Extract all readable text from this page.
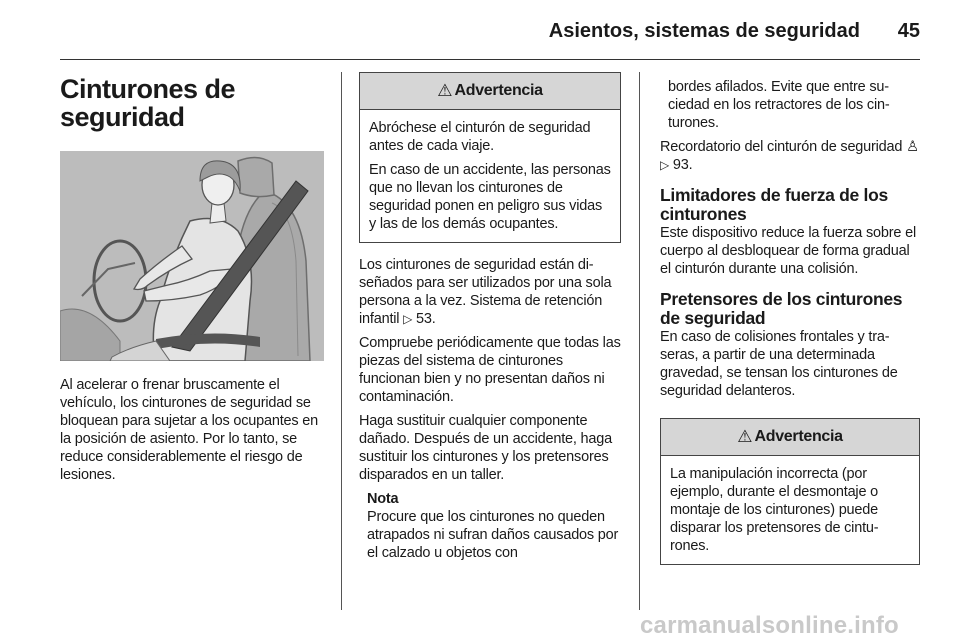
Asientos, sistemas de seguridad 45
Cinturones de seguridad

Al acelerar o frenar bruscamente el vehículo, los cinturones de seguridad se bloquean para sujetar a los ocupantes en la posición de asiento. Por lo tanto, se reduce considerablemente el riesgo de lesiones.

⚠ Advertencia

Abróchese el cinturón de seguridad antes de cada viaje.

En caso de un accidente, las personas que no llevan los cinturones de seguridad ponen en peligro sus vidas y las de los demás ocupantes.

Los cinturones de seguridad están diseñados para ser utilizados por una sola persona a la vez. Sistema de retención infantil ▷ 53.

Compruebe periódicamente que todas las piezas del sistema de cinturones funcionan bien y no presentan daños ni contaminación.

Haga sustituir cualquier componente dañado. Después de un accidente, haga sustituir los cinturones y los pretensores disparados en un taller.

Nota

Procure que los cinturones no queden atrapados ni sufran daños causados por el calzado u objetos con

bordes afilados. Evite que entre suciedad en los retractores de los cinturones.

Recordatorio del cinturón de seguridad ♙ ▷ 93.

Limitadores de fuerza de los cinturones

Este dispositivo reduce la fuerza sobre el cuerpo al desbloquear de forma gradual el cinturón durante una colisión.

Pretensores de los cinturones de seguridad

En caso de colisiones frontales y traseras, a partir de una determinada gravedad, se tensan los cinturones de seguridad delanteros.

⚠ Advertencia

La manipulación incorrecta (por ejemplo, durante el desmontaje o montaje de los cinturones) puede disparar los pretensores de cinturones.

carmanualsonline.info
